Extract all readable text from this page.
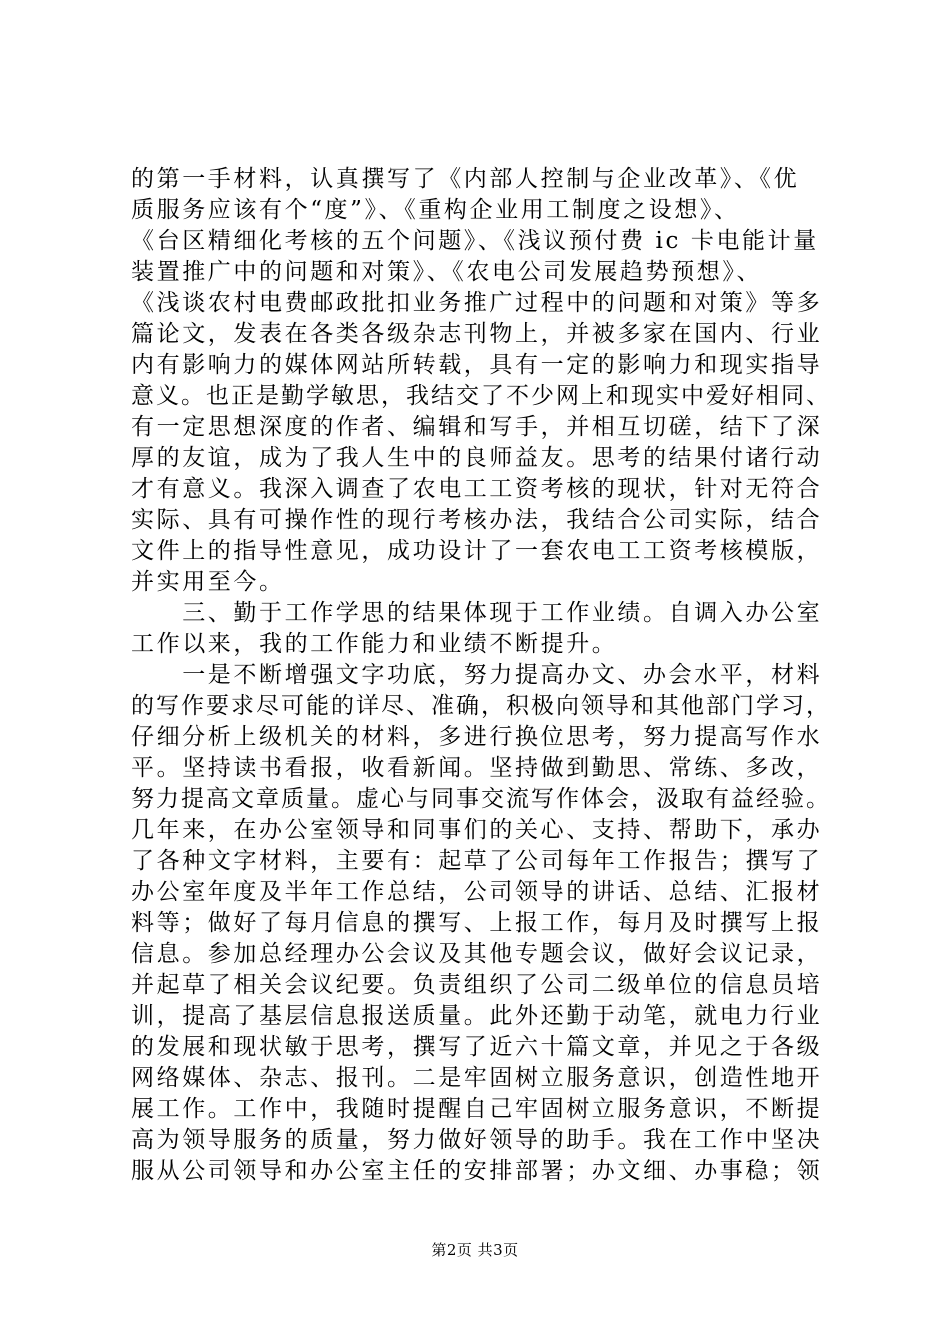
的第一手材料，认真撰写了《内部人控制与企业改革》、《优
质服务应该有个“度”》、《重构企业用工制度之设想》、
《台区精细化考核的五个问题》、《浅议预付费 ic 卡电能计量
装置推广中的问题和对策》、《农电公司发展趋势预想》、
《浅谈农村电费邮政批扣业务推广过程中的问题和对策》等多
篇论文，发表在各类各级杂志刊物上，并被多家在国内、行业
内有影响力的媒体网站所转载，具有一定的影响力和现实指导
意义。也正是勤学敏思，我结交了不少网上和现实中爱好相同、
有一定思想深度的作者、编辑和写手，并相互切磋，结下了深
厚的友谊，成为了我人生中的良师益友。思考的结果付诸行动
才有意义。我深入调查了农电工工资考核的现状，针对无符合
实际、具有可操作性的现行考核办法，我结合公司实际，结合
文件上的指导性意见，成功设计了一套农电工工资考核模版，
并实用至今。
　　三、勤于工作学思的结果体现于工作业绩。自调入办公室
工作以来，我的工作能力和业绩不断提升。
　　一是不断增强文字功底，努力提高办文、办会水平，材料
的写作要求尽可能的详尽、准确，积极向领导和其他部门学习，
仔细分析上级机关的材料，多进行换位思考，努力提高写作水
平。坚持读书看报，收看新闻。坚持做到勤思、常练、多改，
努力提高文章质量。虚心与同事交流写作体会，汲取有益经验。
几年来，在办公室领导和同事们的关心、支持、帮助下，承办
了各种文字材料，主要有：起草了公司每年工作报告；撰写了
办公室年度及半年工作总结，公司领导的讲话、总结、汇报材
料等；做好了每月信息的撰写、上报工作，每月及时撰写上报
信息。参加总经理办公会议及其他专题会议，做好会议记录，
并起草了相关会议纪要。负责组织了公司二级单位的信息员培
训，提高了基层信息报送质量。此外还勤于动笔，就电力行业
的发展和现状敏于思考，撰写了近六十篇文章，并见之于各级
网络媒体、杂志、报刊。二是牢固树立服务意识，创造性地开
展工作。工作中，我随时提醒自己牢固树立服务意识，不断提
高为领导服务的质量，努力做好领导的助手。我在工作中坚决
服从公司领导和办公室主任的安排部署；办文细、办事稳；领
第2页 共3页
